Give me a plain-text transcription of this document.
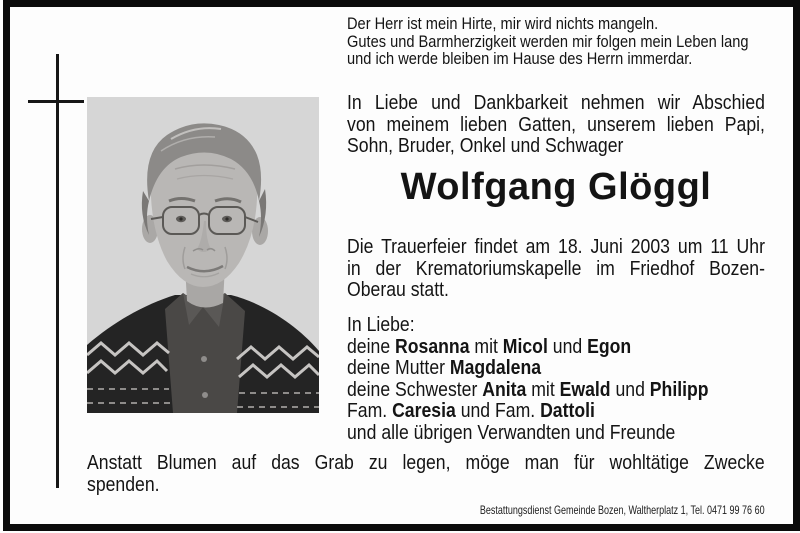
Der Herr ist mein Hirte, mir wird nichts mangeln.
Gutes und Barmherzigkeit werden mir folgen mein Leben lang
und ich werde bleiben im Hause des Herrn immerdar.
In Liebe und Dankbarkeit nehmen wir Abschied
von meinem lieben Gatten, unserem lieben Papi,
Sohn, Bruder, Onkel und Schwager
Wolfgang Glöggl
Die Trauerfeier findet am 18. Juni 2003 um 11 Uhr
in der Krematoriumskapelle im Friedhof Bozen-
Oberau statt.
In Liebe:
deine Rosanna mit Micol und Egon
deine Mutter Magdalena
deine Schwester Anita mit Ewald und Philipp
Fam. Caresia und Fam. Dattoli
und alle übrigen Verwandten und Freunde
Anstatt Blumen auf das Grab zu legen, möge man für wohltätige Zwecke
spenden.
Bestattungsdienst Gemeinde Bozen, Waltherplatz 1, Tel. 0471 99 76 60
